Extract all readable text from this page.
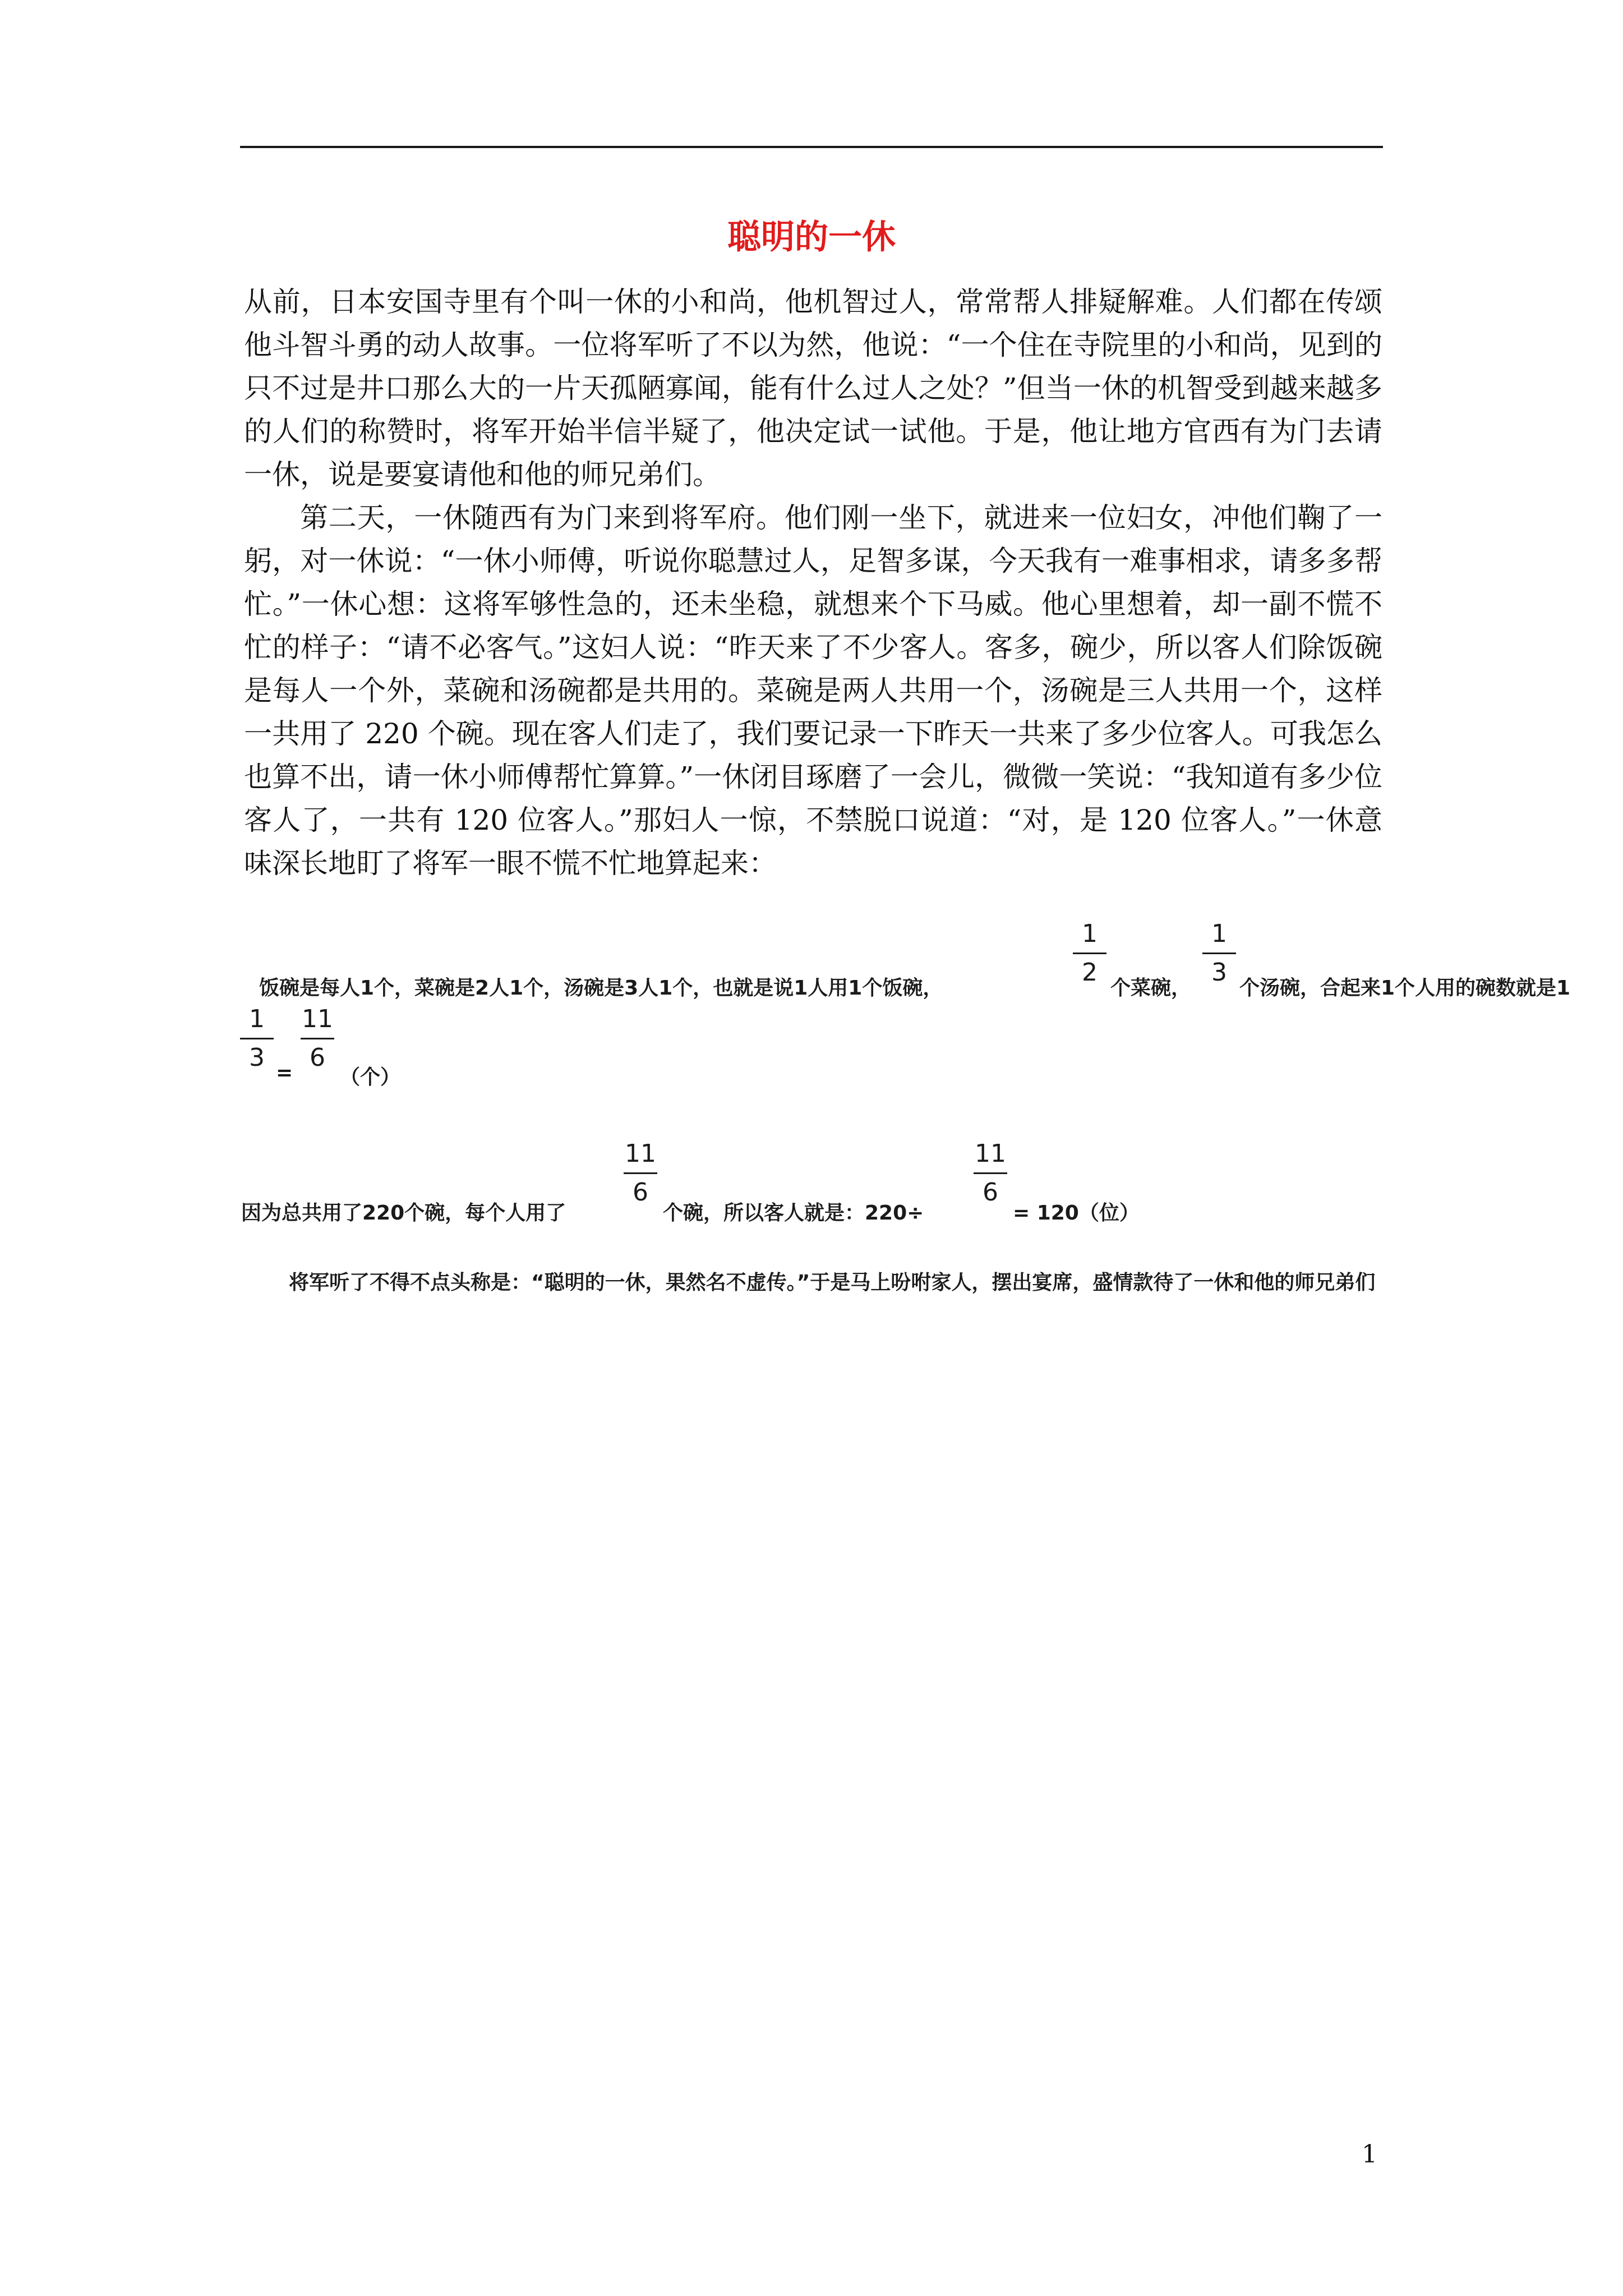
聪明的一休

从前，日本安国寺里有个叫一休的小和尚，他机智过人，常常帮人排疑解难。人们都在传颂他斗智斗勇的动人故事。一位将军听了不以为然，他说：“一个住在寺院里的小和尚，见到的只不过是井口那么大的一片天孤陋寡闻，能有什么过人之处？”但当一休的机智受到越来越多的人们的称赞时，将军开始半信半疑了，他决定试一试他。于是，他让地方官西有为门去请一休，说是要宴请他和他的师兄弟们。

第二天，一休随西有为门来到将军府。他们刚一坐下，就进来一位妇女，冲他们鞠了一躬，对一休说：“一休小师傅，听说你聪慧过人，足智多谋，今天我有一难事相求，请多多帮忙。”一休心想：这将军够性急的，还未坐稳，就想来个下马威。他心里想着，却一副不慌不忙的样子：“请不必客气。”这妇人说：“昨天来了不少客人。客多，碗少，所以客人们除饭碗是每人一个外，菜碗和汤碗都是共用的。菜碗是两人共用一个，汤碗是三人共用一个，这样一共用了 220 个碗。现在客人们走了，我们要记录一下昨天一共来了多少位客人。可我怎么也算不出，请一休小师傅帮忙算算。”一休闭目琢磨了一会儿，微微一笑说：“我知道有多少位客人了，一共有 120 位客人。”那妇人一惊，不禁脱口说道：“对，是 120 位客人。”一休意味深长地盯了将军一眼不慌不忙地算起来：

饭碗是每人1个，菜碗是2人1个，汤碗是3人1个，也就是说1人用1个饭碗，
1
2
个菜碗，
1
3
个汤碗，合起来1个人用的碗数就是1
1
3
=
11
6
（个）
因为总共用了220个碗，每个人用了
11
6
个碗，所以客人就是：220÷
11
6
= 120（位）
将军听了不得不点头称是：“聪明的一休，果然名不虚传。”于是马上吩咐家人，摆出宴席，盛情款待了一休和他的师兄弟们
1
